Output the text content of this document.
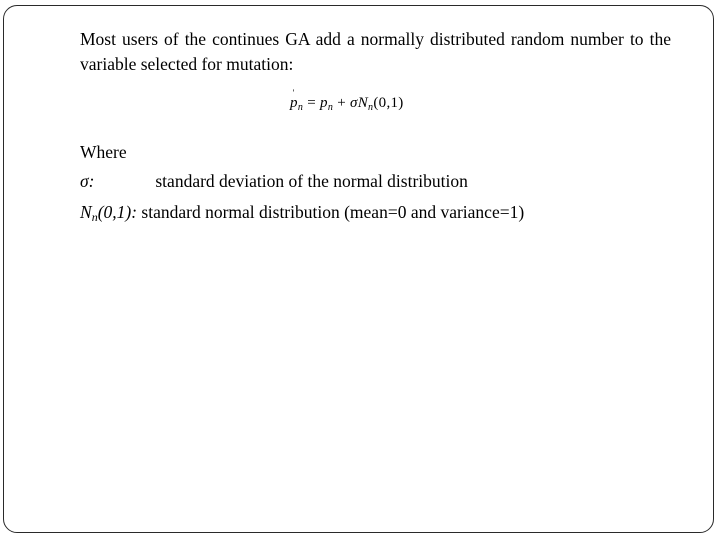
Most users of the continues GA add a normally distributed random number to the variable selected for mutation:
p '$_n = p_n + \sigma N_n(0,1)$
Where
σ:	standard deviation of the normal distribution
$N_n(0,1)$: standard normal distribution (mean=0 and variance=1)
